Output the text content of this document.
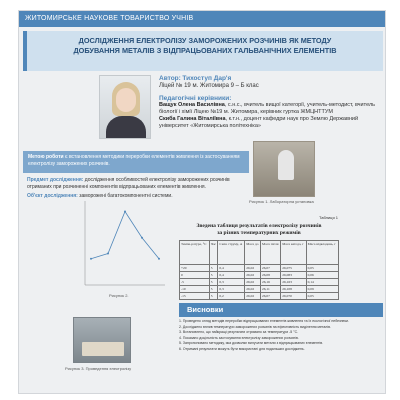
ЖИТОМИРСЬКЕ НАУКОВЕ ТОВАРИСТВО УЧНІВ
ДОСЛІДЖЕННЯ ЕЛЕКТРОЛІЗУ ЗАМОРОЖЕНИХ РОЗЧИНІВ ЯК МЕТОДУ
ДОБУВАННЯ МЕТАЛІВ З ВІДПРАЦЬОВАНИХ ГАЛЬВАНІЧНИХ ЕЛЕМЕНТІВ
Автор: Тихоступ Дар'я
Ліцей № 19 м. Житомира 9 – Б клас
Педагогічні керівники:
Ващук Олена Василівна, с.н.с., вчитель вищої категорії, учитель-методист, вчитель біології і хімії Ліцею №19 м. Житомира, керівник гуртка ЖМЦНТТУМ
Скиба Галина Віталіївна, к.т.н., доцент кафедри наук про Землю Державний університет «Житомирська політехніка»
Метою роботи є встановлення методики переробки елементів живлення із застосуванням електролізу заморожених розчинів.
Предмет дослідження: дослідження особливостей електролізу заморожених розчинів отриманих при розчиненні компонентів відпрацьованих елементів живлення.
Об'єкт дослідження: заморожені багатокомпонентні системи.
Рисунок 1. Лабораторна установка
Рисунок 2.
Таблиця 1
Зведена таблиця результатів електролізу розчинів
за різних температурних режимів
Темпе-ратура, °С	Час	Сила струму, А	Маса до	Маса після	Маса катода, г	Маса відкладень, г
+20	5	0,4	26,02	26,07	26,075	0,05
0	5	0,4	26,02	26,08	26,083	0,06
-5	5	0,3	26,02	26,16	26,163	0,14
-10	5	0,3	26,02	26,11	26,108	0,09
-15	5	0,2	26,02	26,07	26,070	0,05
Рисунок 3. Проведення електролізу
Висновки
1. Проведено огляд методів переробки відпрацьованих елементів живлення та їх екологічної небезпеки.
2. Досліджено вплив температури заморожених розчинів на ефективність виділення металів.
3. Встановлено, що найкращі результати отримано за температури -5 °С.
4. Показано доцільність застосування електролізу заморожених розчинів.
5. Запропоновано методику, яка дозволяє вилучати метали з відпрацьованих елементів.
6. Отримані результати можуть бути використані для подальших досліджень.
